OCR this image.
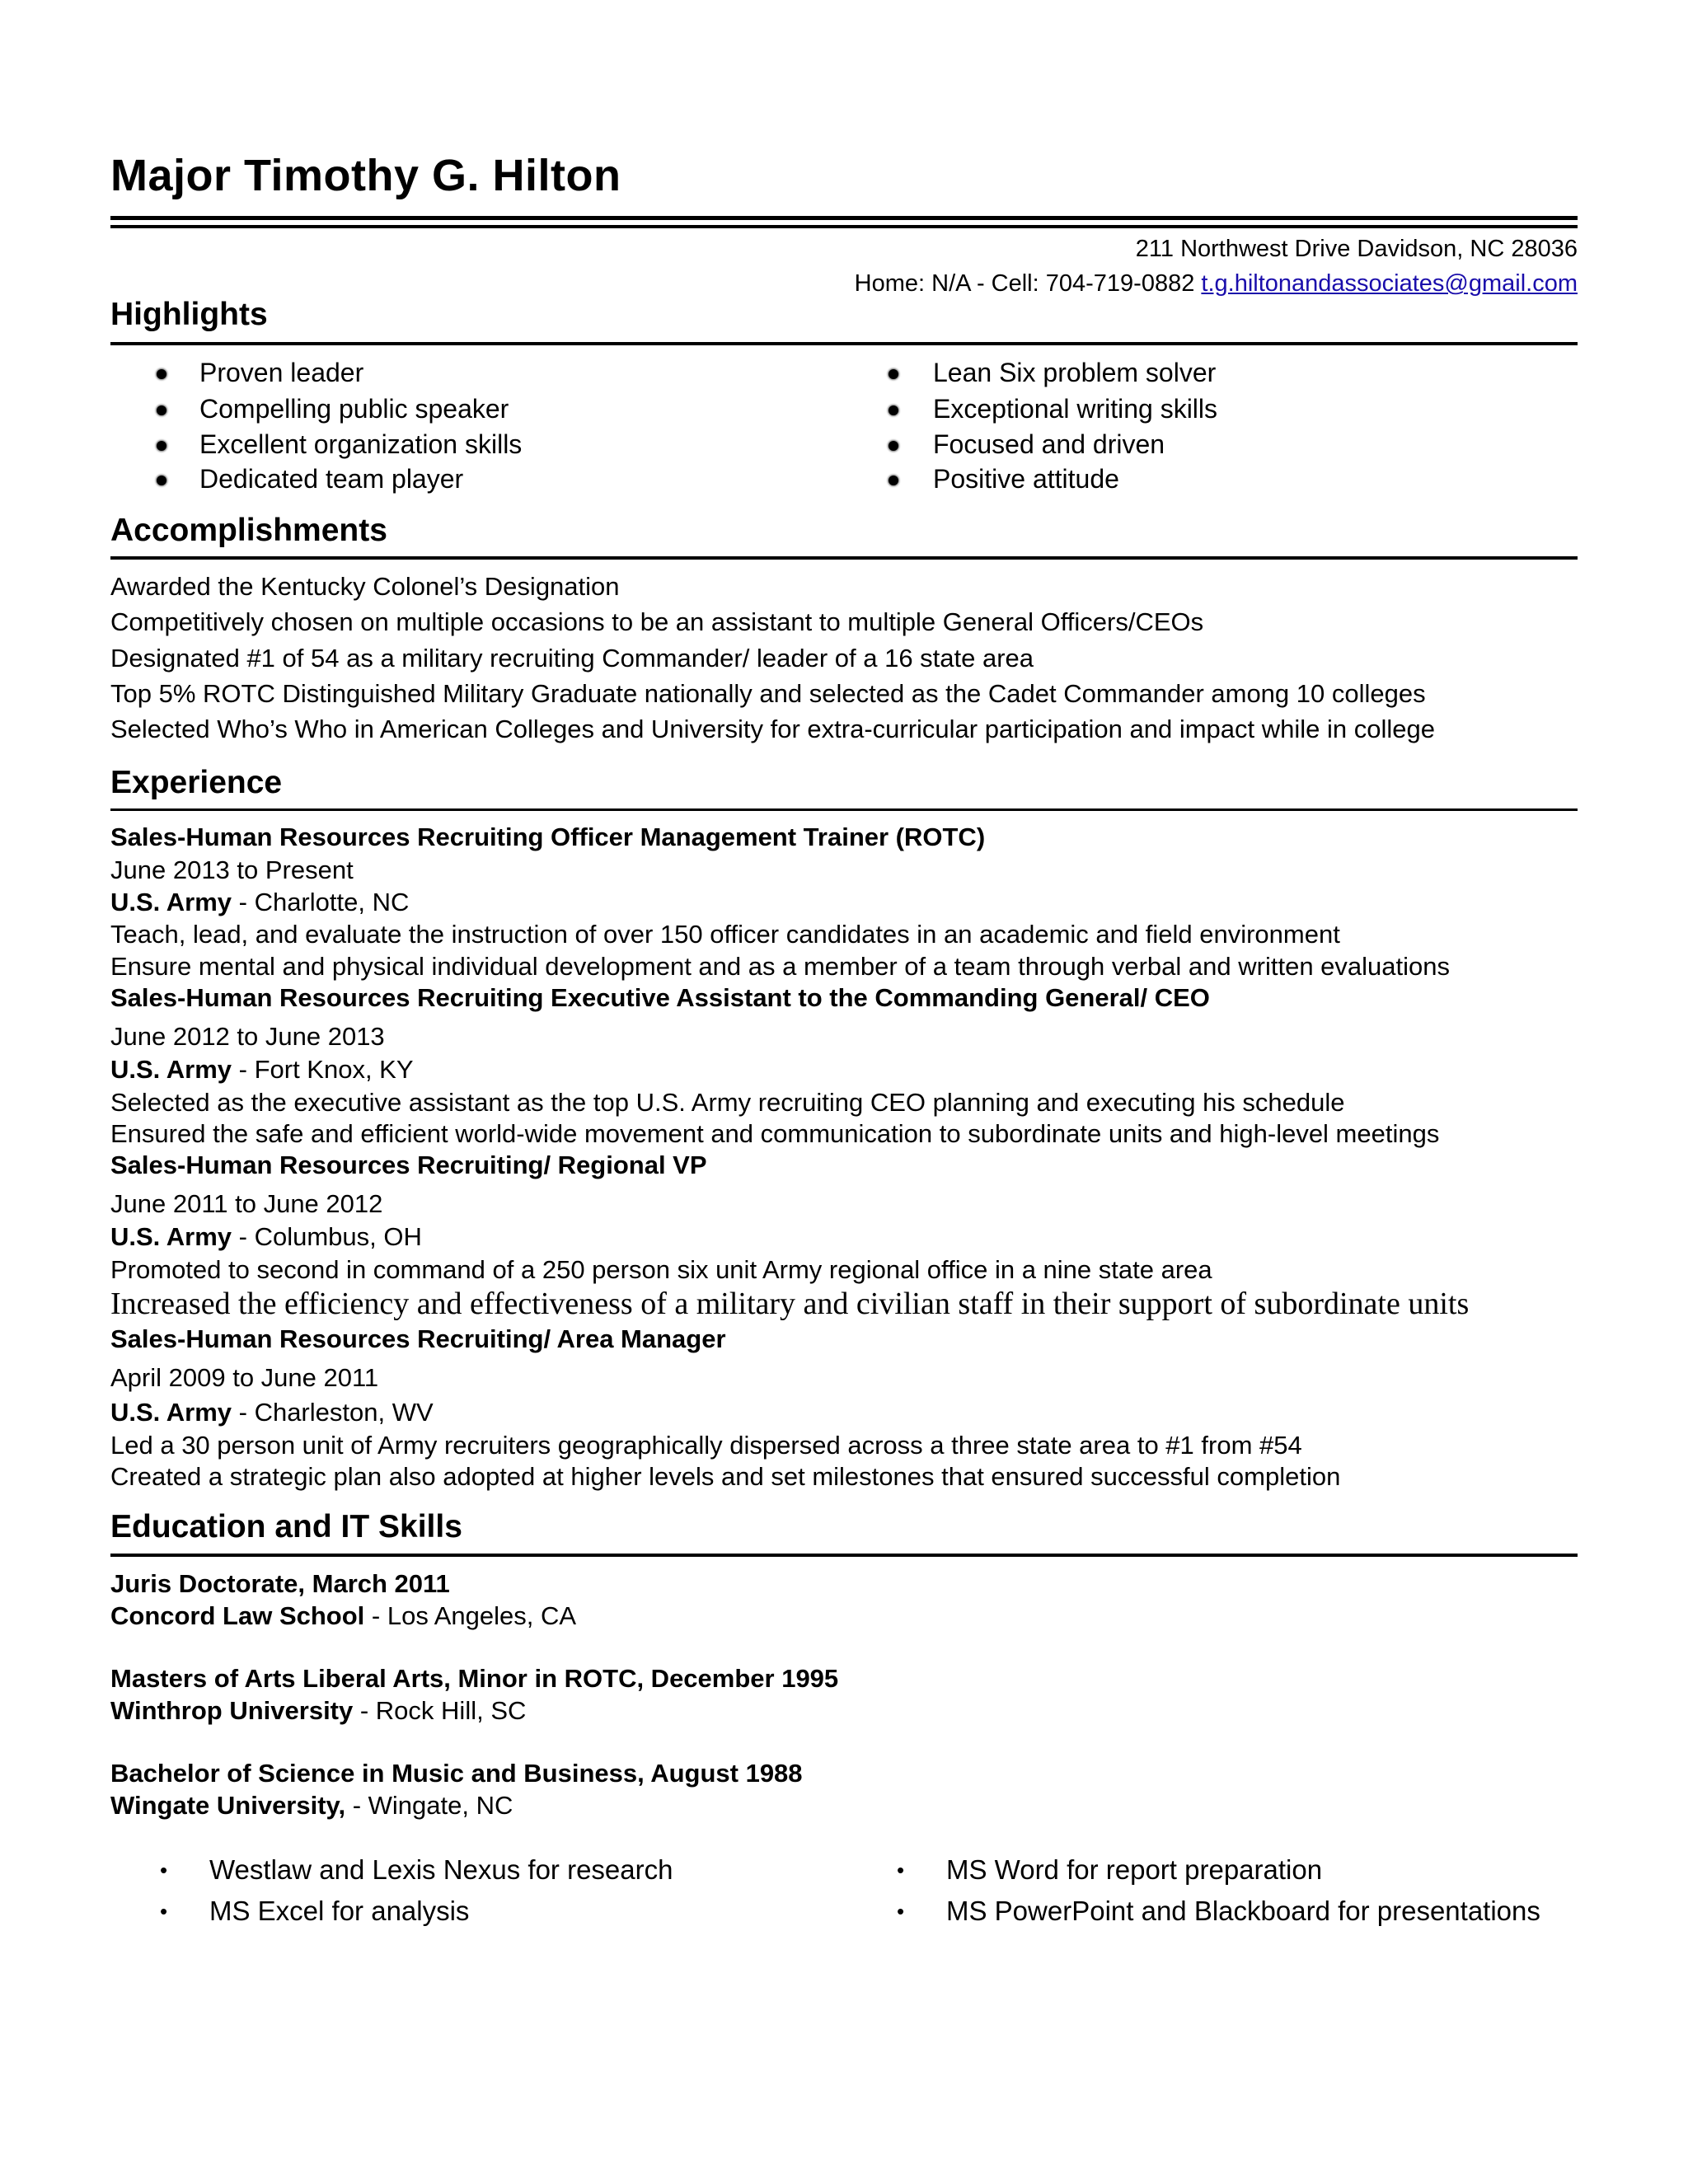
Major Timothy G. Hilton
211 Northwest Drive Davidson, NC 28036
Home: N/A - Cell: 704-719-0882 t.g.hiltonandassociates@gmail.com
Highlights
Proven leader
Compelling public speaker
Excellent organization skills
Dedicated team player
Lean Six problem solver
Exceptional writing skills
Focused and driven
Positive attitude
Accomplishments
Awarded the Kentucky Colonel’s Designation
Competitively chosen on multiple occasions to be an assistant to multiple General Officers/CEOs
Designated #1 of 54 as a military recruiting Commander/ leader of a 16 state area
Top 5% ROTC Distinguished Military Graduate nationally and selected as the Cadet Commander among 10 colleges
Selected Who’s Who in American Colleges and University for extra-curricular participation and impact while in college
Experience
Sales-Human Resources Recruiting Officer Management Trainer (ROTC)
June 2013 to Present
U.S. Army - Charlotte, NC
Teach, lead, and evaluate the instruction of over 150 officer candidates in an academic and field environment
Ensure mental and physical individual development and as a member of a team through verbal and written evaluations
Sales-Human Resources Recruiting Executive Assistant to the Commanding General/ CEO
June 2012 to June 2013
U.S. Army - Fort Knox, KY
Selected as the executive assistant as the top U.S. Army recruiting CEO planning and executing his schedule
Ensured the safe and efficient world-wide movement and communication to subordinate units and high-level meetings
Sales-Human Resources Recruiting/ Regional VP
June 2011 to June 2012
U.S. Army - Columbus, OH
Promoted to second in command of a 250 person six unit Army regional office in a nine state area
Increased the efficiency and effectiveness of a military and civilian staff in their support of subordinate units
Sales-Human Resources Recruiting/ Area Manager
April 2009 to June 2011
U.S. Army - Charleston, WV
Led a 30 person unit of Army recruiters geographically dispersed across a three state area to #1 from #54
Created a strategic plan also adopted at higher levels and set milestones that ensured successful completion
Education and IT Skills
Juris Doctorate, March 2011
Concord Law School - Los Angeles, CA
Masters of Arts Liberal Arts, Minor in ROTC, December 1995
Winthrop University - Rock Hill, SC
Bachelor of Science in Music and Business, August 1988
Wingate University, - Wingate, NC
• Westlaw and Lexis Nexus for research
• MS Excel for analysis
• MS Word for report preparation
• MS PowerPoint and Blackboard for presentations
